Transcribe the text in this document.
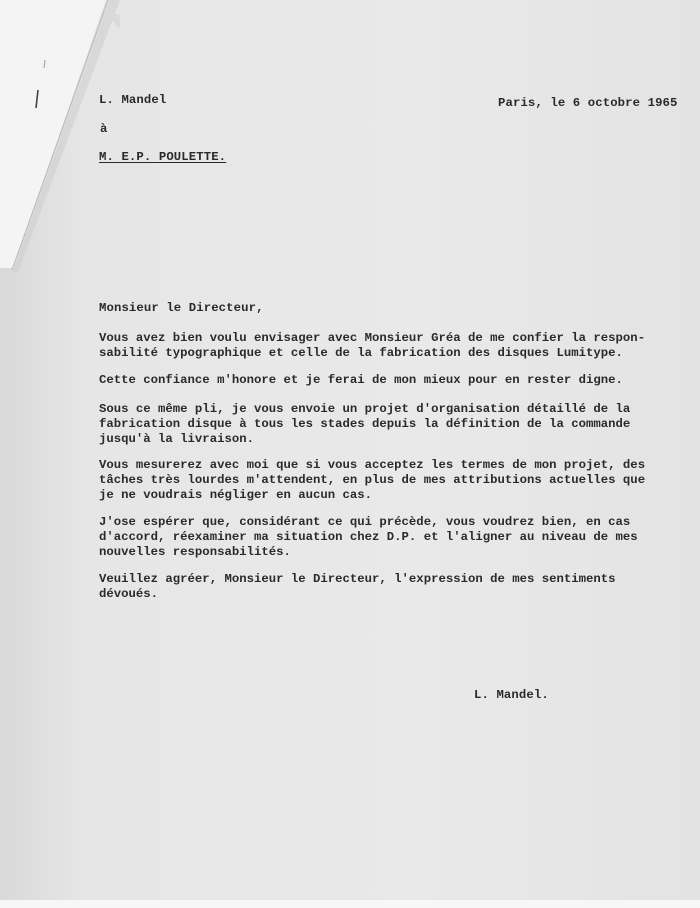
L. Mandel	Paris, le 6 octobre 1965
à
M. E.P. POULETTE.
Monsieur le Directeur,
Vous avez bien voulu envisager avec Monsieur Gréa de me confier la respon-
sabilité typographique et celle de la fabrication des disques Lumitype.
Cette confiance m'honore et je ferai de mon mieux pour en rester digne.
Sous ce même pli, je vous envoie un projet d'organisation détaillé de la
fabrication disque à tous les stades depuis la définition de la commande
jusqu'à la livraison.
Vous mesurerez avec moi que si vous acceptez les termes de mon projet, des
tâches très lourdes m'attendent, en plus de mes attributions actuelles que
je ne voudrais négliger en aucun cas.
J'ose espérer que, considérant ce qui précède, vous voudrez bien, en cas
d'accord, réexaminer ma situation chez D.P. et l'aligner au niveau de mes
nouvelles responsabilités.
Veuillez agréer, Monsieur le Directeur, l'expression de mes sentiments
dévoués.
L. Mandel.
